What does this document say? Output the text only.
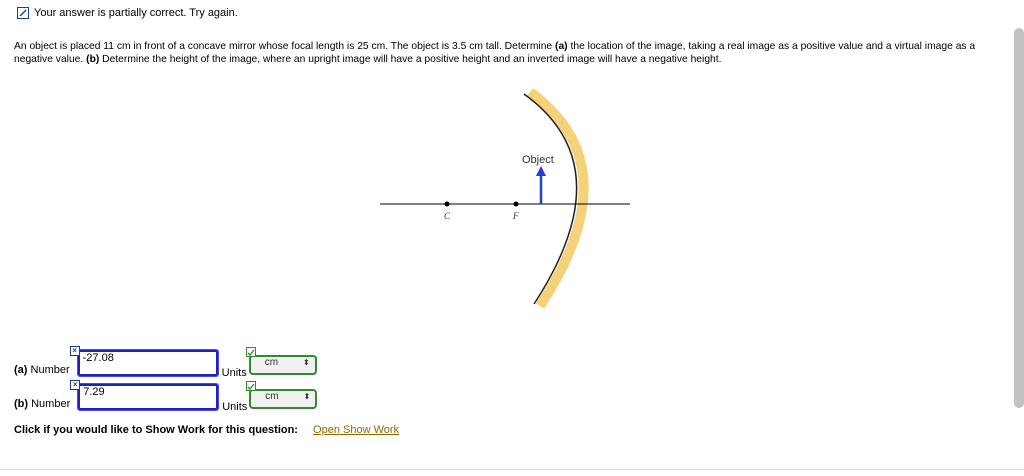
Your answer is partially correct. Try again.
An object is placed 11 cm in front of a concave mirror whose focal length is 25 cm. The object is 3.5 cm tall. Determine (a) the location of the image, taking a real image as a positive value and a virtual image as a negative value. (b) Determine the height of the image, where an upright image will have a positive height and an inverted image will have a negative height.
Object
C	F
(a) Number
×
-27.08
Units
cm	⬍
(b) Number
×
7.29
Units
cm	⬍
Click if you would like to Show Work for this question: Open Show Work
